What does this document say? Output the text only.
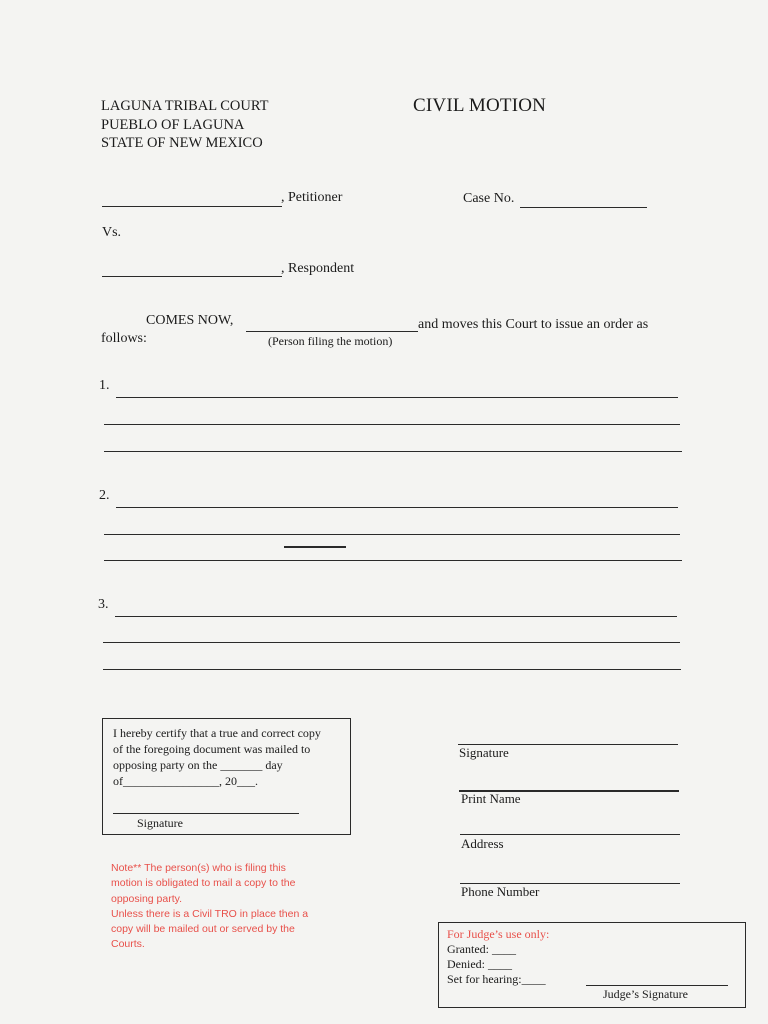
LAGUNA TRIBAL COURT
PUEBLO OF LAGUNA
STATE OF NEW MEXICO
CIVIL MOTION
, Petitioner	Case No.
Vs.
, Respondent
COMES NOW,	and moves this Court to issue an order as
follows:	(Person filing the motion)
1.
2.
3.
I hereby certify that a true and correct copy
of the foregoing document was mailed to
opposing party on the _______ day
of________________, 20___.
Signature
Note** The person(s) who is filing this
motion is obligated to mail a copy to the
opposing party.
Unless there is a Civil TRO in place then a
copy will be mailed out or served by the
Courts.
Signature
Print Name
Address
Phone Number
For Judge’s use only:
Granted: ____
Denied: ____
Set for hearing:____
Judge’s Signature
